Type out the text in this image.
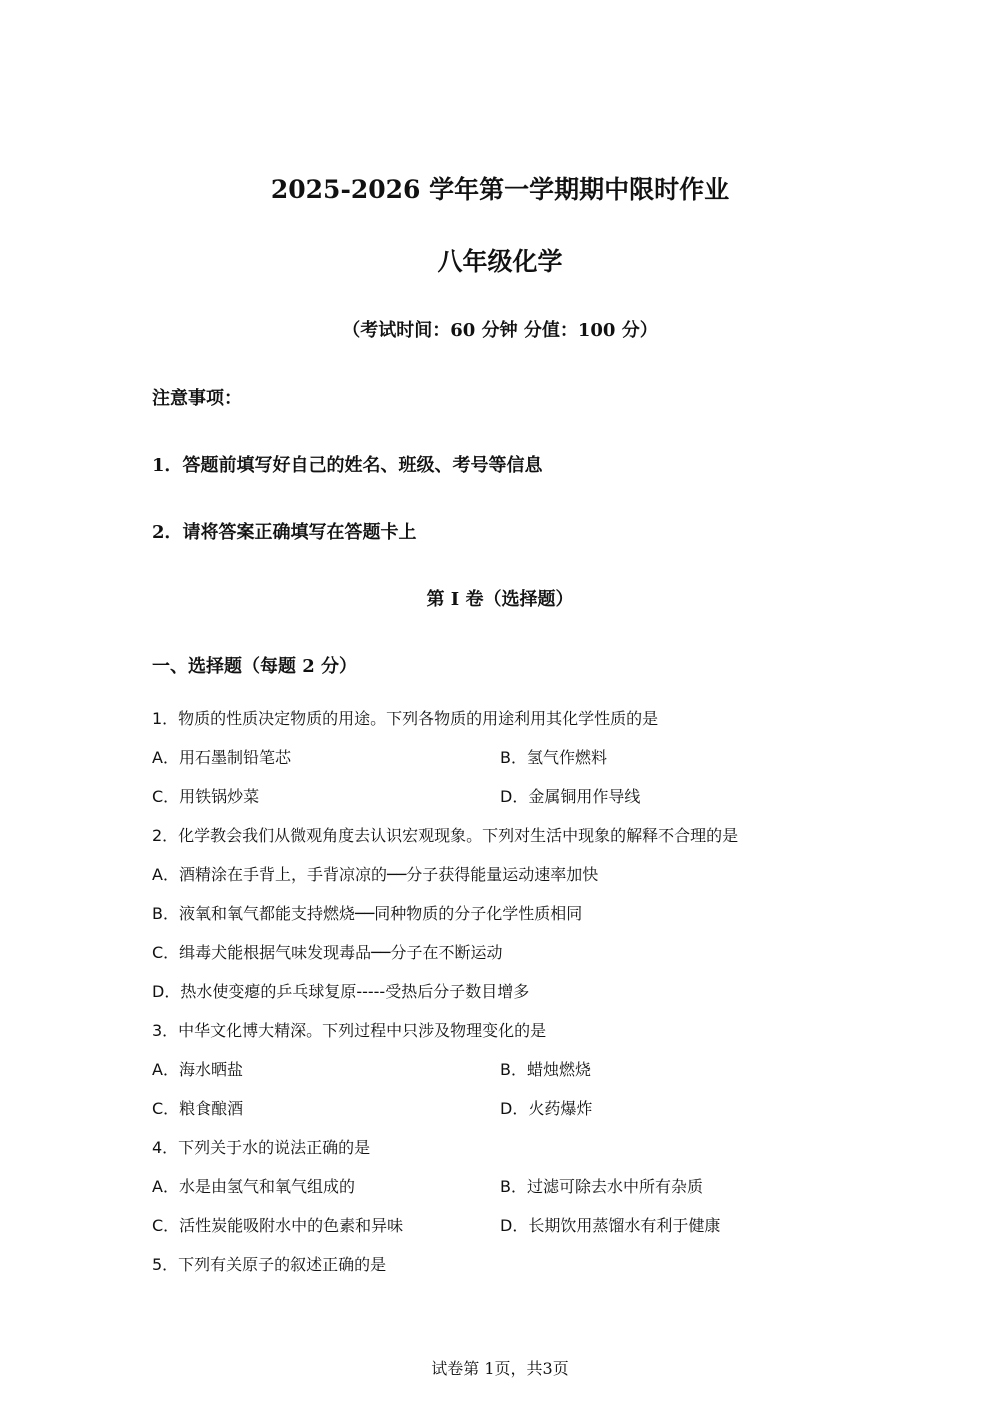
2025-2026 学年第一学期期中限时作业
八年级化学
（考试时间：60 分钟 分值：100 分）
注意事项：
1．答题前填写好自己的姓名、班级、考号等信息
2．请将答案正确填写在答题卡上
第 I 卷（选择题）
一、选择题（每题 2 分）
1．物质的性质决定物质的用途。下列各物质的用途利用其化学性质的是
A．用石墨制铅笔芯	B．氢气作燃料
C．用铁锅炒菜	D．金属铜用作导线
2．化学教会我们从微观角度去认识宏观现象。下列对生活中现象的解释不合理的是
A．酒精涂在手背上，手背凉凉的──分子获得能量运动速率加快
B．液氧和氧气都能支持燃烧──同种物质的分子化学性质相同
C．缉毒犬能根据气味发现毒品──分子在不断运动
D．热水使变瘪的乒乓球复原-----受热后分子数目增多
3．中华文化博大精深。下列过程中只涉及物理变化的是
A．海水晒盐	B．蜡烛燃烧
C．粮食酿酒	D．火药爆炸
4．下列关于水的说法正确的是
A．水是由氢气和氧气组成的	B．过滤可除去水中所有杂质
C．活性炭能吸附水中的色素和异味	D．长期饮用蒸馏水有利于健康
5．下列有关原子的叙述正确的是
试卷第 1页，共3页
